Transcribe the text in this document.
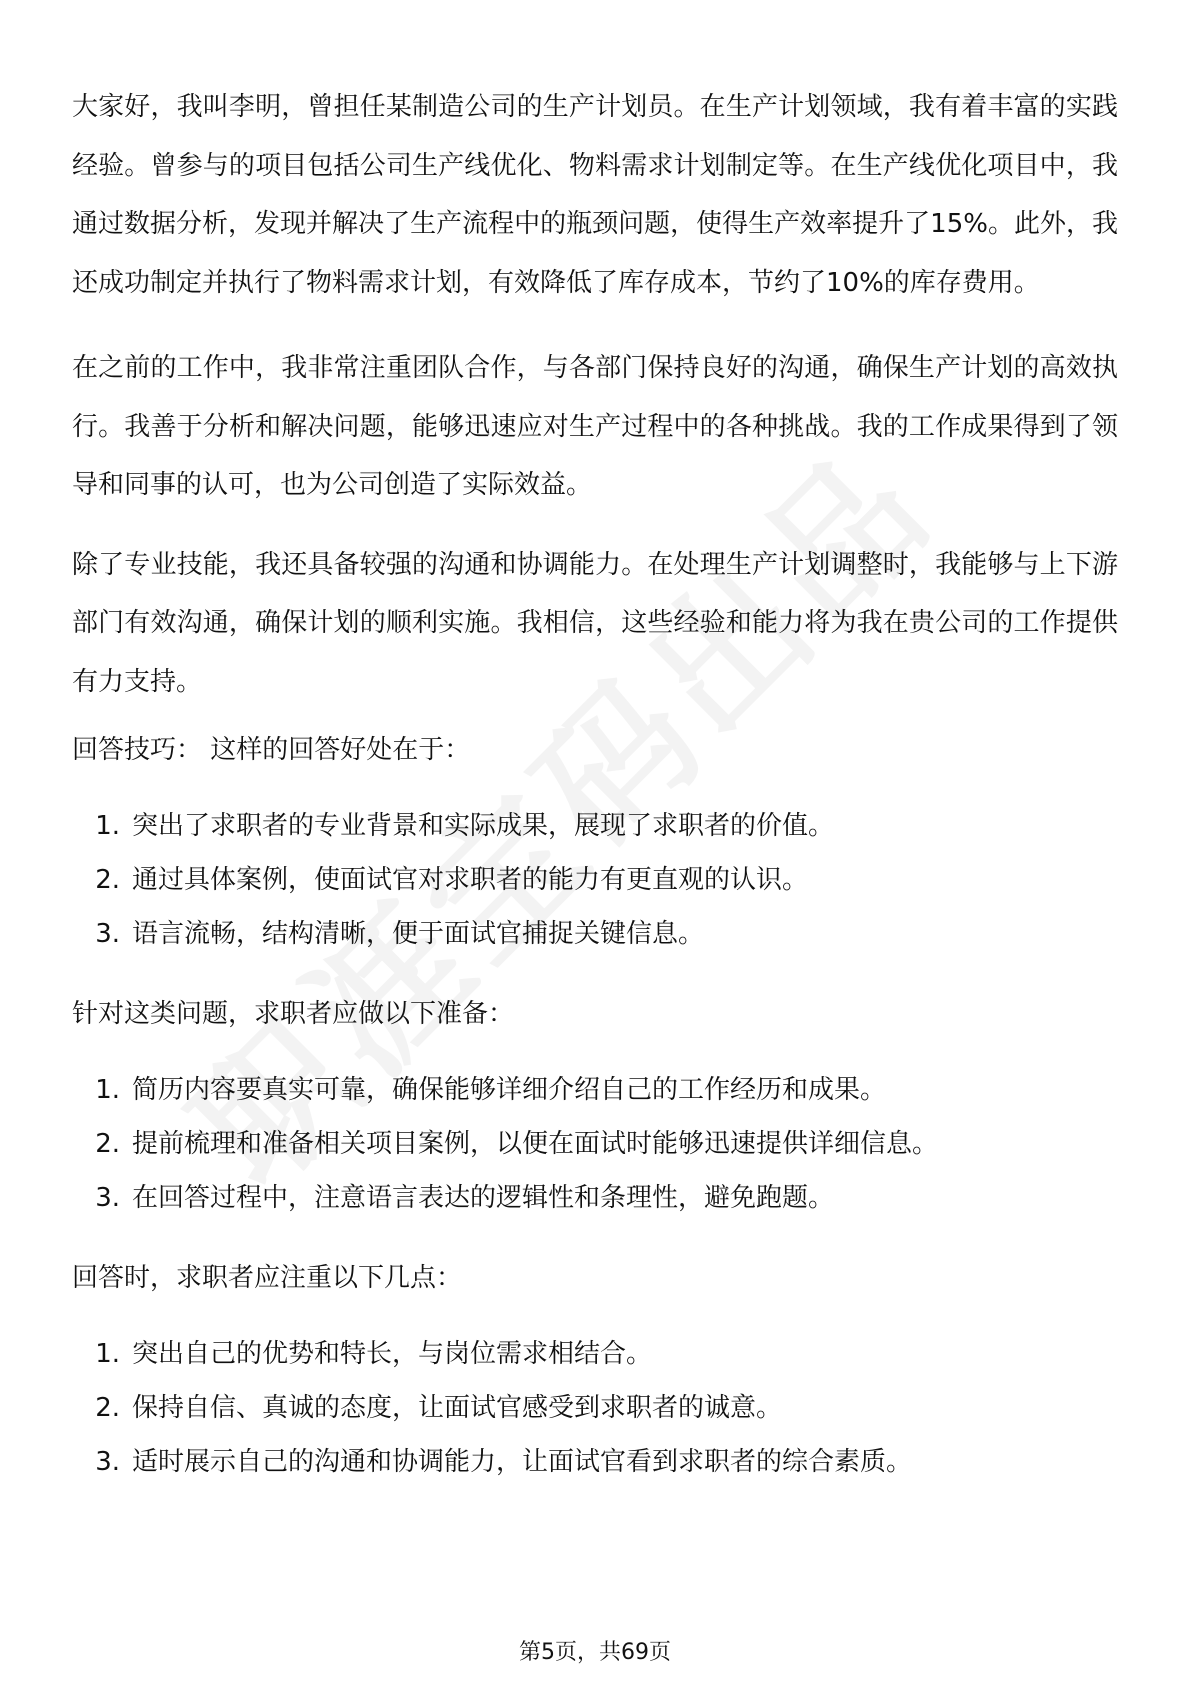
大家好，我叫李明，曾担任某制造公司的生产计划员。在生产计划领域，我有着丰富的实践经验。曾参与的项目包括公司生产线优化、物料需求计划制定等。在生产线优化项目中，我通过数据分析，发现并解决了生产流程中的瓶颈问题，使得生产效率提升了15%。此外，我还成功制定并执行了物料需求计划，有效降低了库存成本，节约了10%的库存费用。

在之前的工作中，我非常注重团队合作，与各部门保持良好的沟通，确保生产计划的高效执行。我善于分析和解决问题，能够迅速应对生产过程中的各种挑战。我的工作成果得到了领导和同事的认可，也为公司创造了实际效益。

除了专业技能，我还具备较强的沟通和协调能力。在处理生产计划调整时，我能够与上下游部门有效沟通，确保计划的顺利实施。我相信，这些经验和能力将为我在贵公司的工作提供有力支持。

回答技巧： 这样的回答好处在于：

1. 突出了求职者的专业背景和实际成果，展现了求职者的价值。
2. 通过具体案例，使面试官对求职者的能力有更直观的认识。
3. 语言流畅，结构清晰，便于面试官捕捉关键信息。

针对这类问题，求职者应做以下准备：

1. 简历内容要真实可靠，确保能够详细介绍自己的工作经历和成果。
2. 提前梳理和准备相关项目案例，以便在面试时能够迅速提供详细信息。
3. 在回答过程中，注意语言表达的逻辑性和条理性，避免跑题。

回答时，求职者应注重以下几点：

1. 突出自己的优势和特长，与岗位需求相结合。
2. 保持自信、真诚的态度，让面试官感受到求职者的诚意。
3. 适时展示自己的沟通和协调能力，让面试官看到求职者的综合素质。
第5页，共69页
